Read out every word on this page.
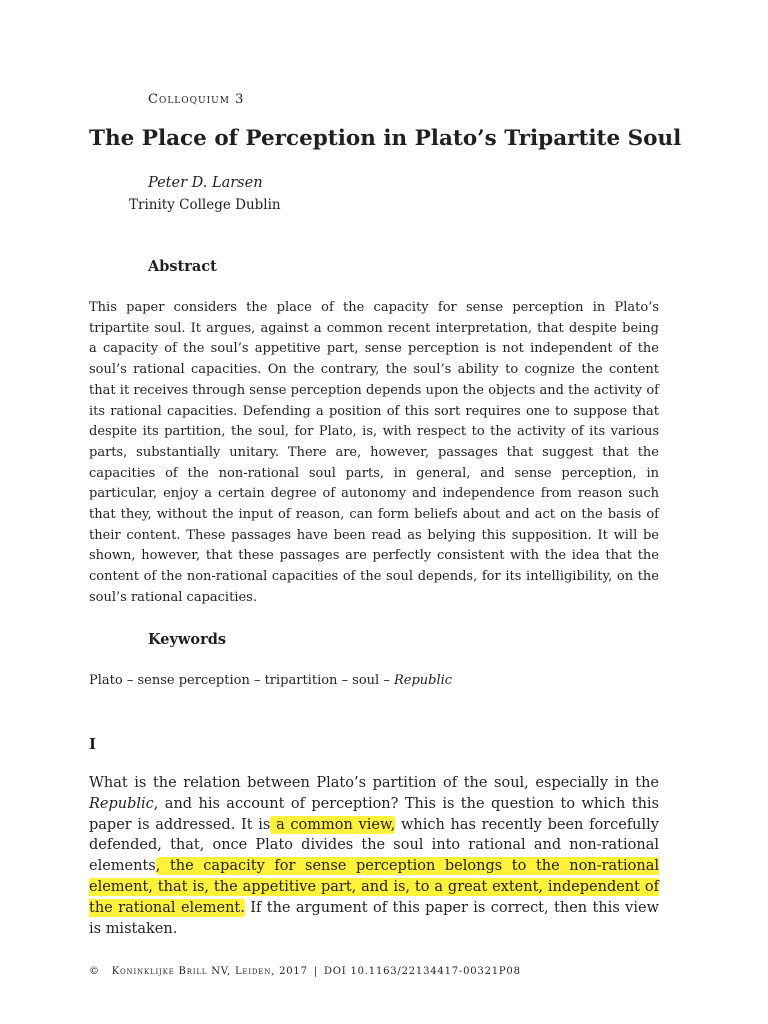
Colloquium 3
The Place of Perception in Plato’s Tripartite Soul
Peter D. Larsen
Trinity College Dublin
Abstract
This paper considers the place of the capacity for sense perception in Plato’s tripartite soul. It argues, against a common recent interpretation, that despite being a capacity of the soul’s appetitive part, sense perception is not independent of the soul’s rational capacities. On the contrary, the soul’s ability to cognize the content that it receives through sense perception depends upon the objects and the activity of its rational capacities. Defending a position of this sort requires one to suppose that despite its partition, the soul, for Plato, is, with respect to the activity of its various parts, substantially unitary. There are, however, passages that suggest that the capacities of the non-rational soul parts, in general, and sense perception, in particular, enjoy a certain degree of autonomy and independence from reason such that they, without the input of reason, can form beliefs about and act on the basis of their content. These passages have been read as belying this supposition. It will be shown, however, that these passages are perfectly consistent with the idea that the content of the non-rational capacities of the soul depends, for its intelligibility, on the soul’s rational capacities.
Keywords
Plato – sense perception – tripartition – soul – Republic
I
What is the relation between Plato’s partition of the soul, especially in the Republic, and his account of perception? This is the question to which this paper is addressed. It is a common view, which has recently been forcefully defended, that, once Plato divides the soul into rational and non-rational elements, the capacity for sense perception belongs to the non-rational element, that is, the appetitive part, and is, to a great extent, independent of the rational element. If the argument of this paper is correct, then this view is mistaken.
© Koninklijke Brill NV, Leiden, 2017 | DOI 10.1163/22134417-00321P08
